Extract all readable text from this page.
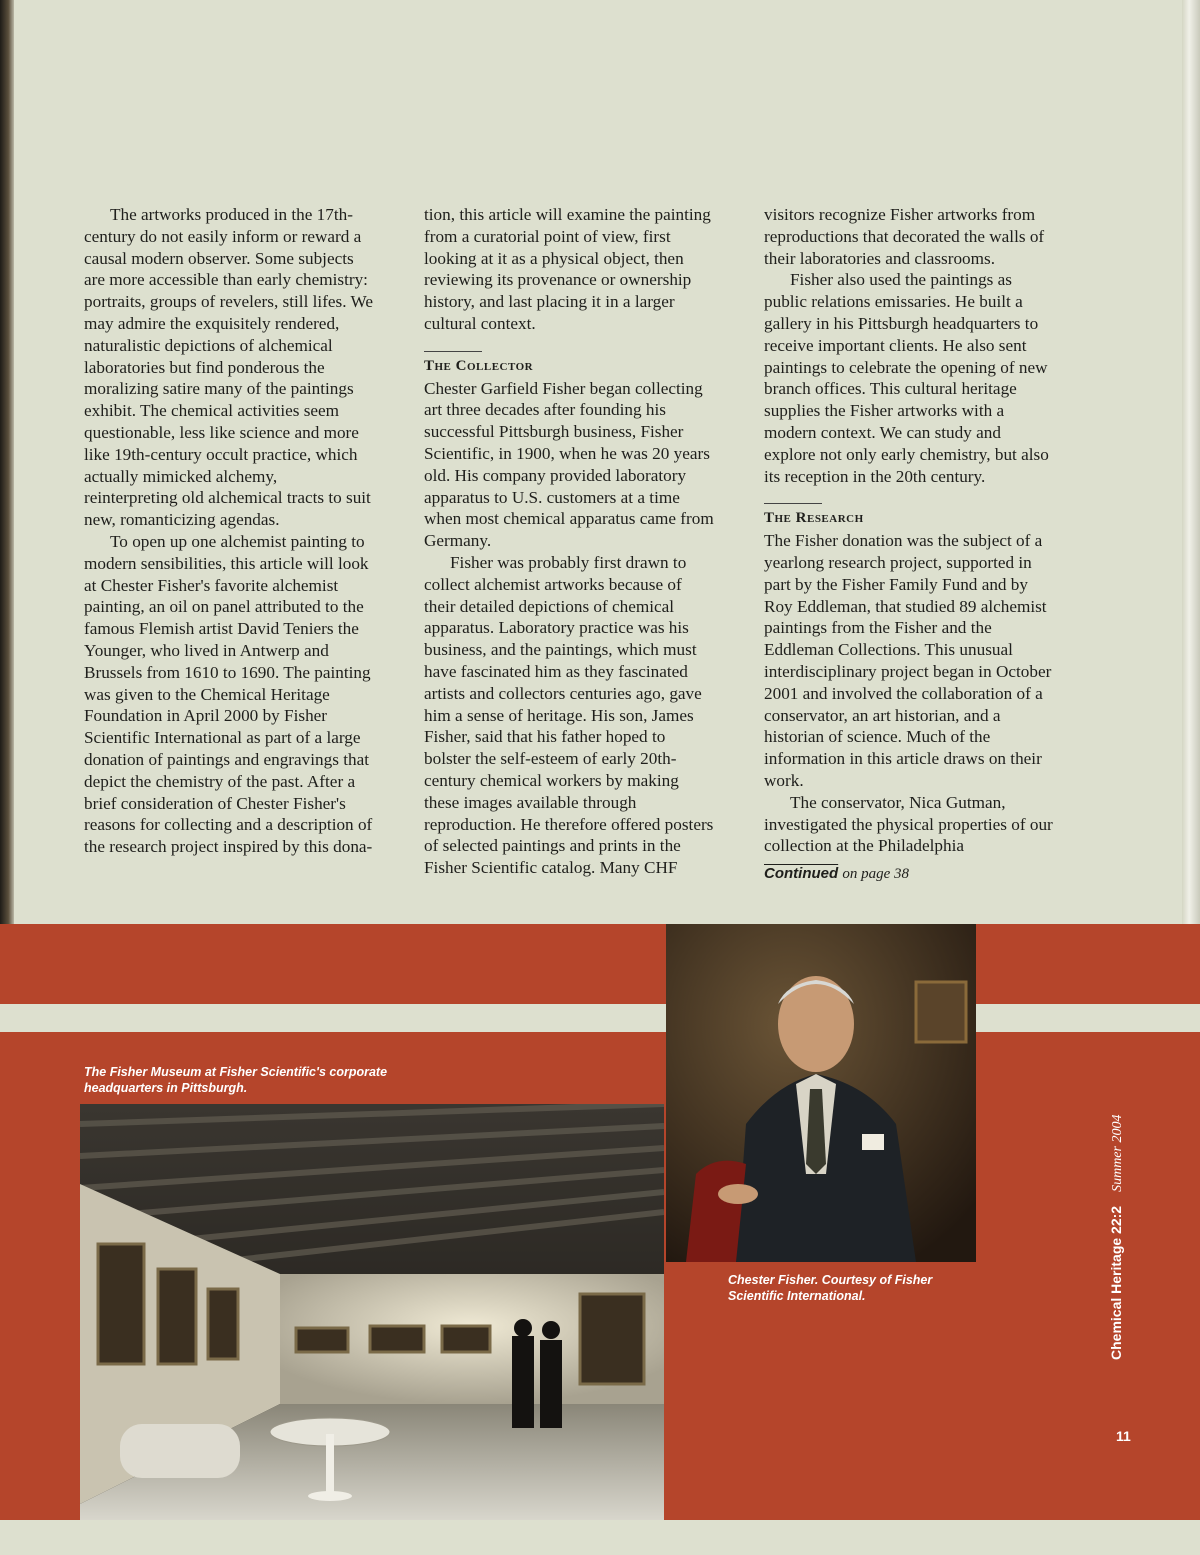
The artworks produced in the 17th-century do not easily inform or reward a causal modern observer. Some subjects are more accessible than early chemistry: portraits, groups of revelers, still lifes. We may admire the exquisitely rendered, naturalistic depictions of alchemical laboratories but find ponderous the moralizing satire many of the paintings exhibit. The chemical activities seem questionable, less like science and more like 19th-century occult practice, which actually mimicked alchemy, reinterpreting old alchemical tracts to suit new, romanticizing agendas.

To open up one alchemist painting to modern sensibilities, this article will look at Chester Fisher's favorite alchemist painting, an oil on panel attributed to the famous Flemish artist David Teniers the Younger, who lived in Antwerp and Brussels from 1610 to 1690. The painting was given to the Chemical Heritage Foundation in April 2000 by Fisher Scientific International as part of a large donation of paintings and engravings that depict the chemistry of the past. After a brief consideration of Chester Fisher's reasons for collecting and a description of the research project inspired by this dona-

tion, this article will examine the painting from a curatorial point of view, first looking at it as a physical object, then reviewing its provenance or ownership history, and last placing it in a larger cultural context.

The Collector

Chester Garfield Fisher began collecting art three decades after founding his successful Pittsburgh business, Fisher Scientific, in 1900, when he was 20 years old. His company provided laboratory apparatus to U.S. customers at a time when most chemical apparatus came from Germany.

Fisher was probably first drawn to collect alchemist artworks because of their detailed depictions of chemical apparatus. Laboratory practice was his business, and the paintings, which must have fascinated him as they fascinated artists and collectors centuries ago, gave him a sense of heritage. His son, James Fisher, said that his father hoped to bolster the self-esteem of early 20th-century chemical workers by making these images available through reproduction. He therefore offered posters of selected paintings and prints in the Fisher Scientific catalog. Many CHF

visitors recognize Fisher artworks from reproductions that decorated the walls of their laboratories and classrooms.

Fisher also used the paintings as public relations emissaries. He built a gallery in his Pittsburgh headquarters to receive important clients. He also sent paintings to celebrate the opening of new branch offices. This cultural heritage supplies the Fisher artworks with a modern context. We can study and explore not only early chemistry, but also its reception in the 20th century.

The Research

The Fisher donation was the subject of a yearlong research project, supported in part by the Fisher Family Fund and by Roy Eddleman, that studied 89 alchemist paintings from the Fisher and the Eddleman Collections. This unusual interdisciplinary project began in October 2001 and involved the collaboration of a conservator, an art historian, and a historian of science. Much of the information in this article draws on their work.

The conservator, Nica Gutman, investigated the physical properties of our collection at the Philadelphia

Continued on page 38
The Fisher Museum at Fisher Scientific's corporate headquarters in Pittsburgh.
Chester Fisher. Courtesy of Fisher Scientific International.	Chemical Heritage 22:2Summer 2004
11
